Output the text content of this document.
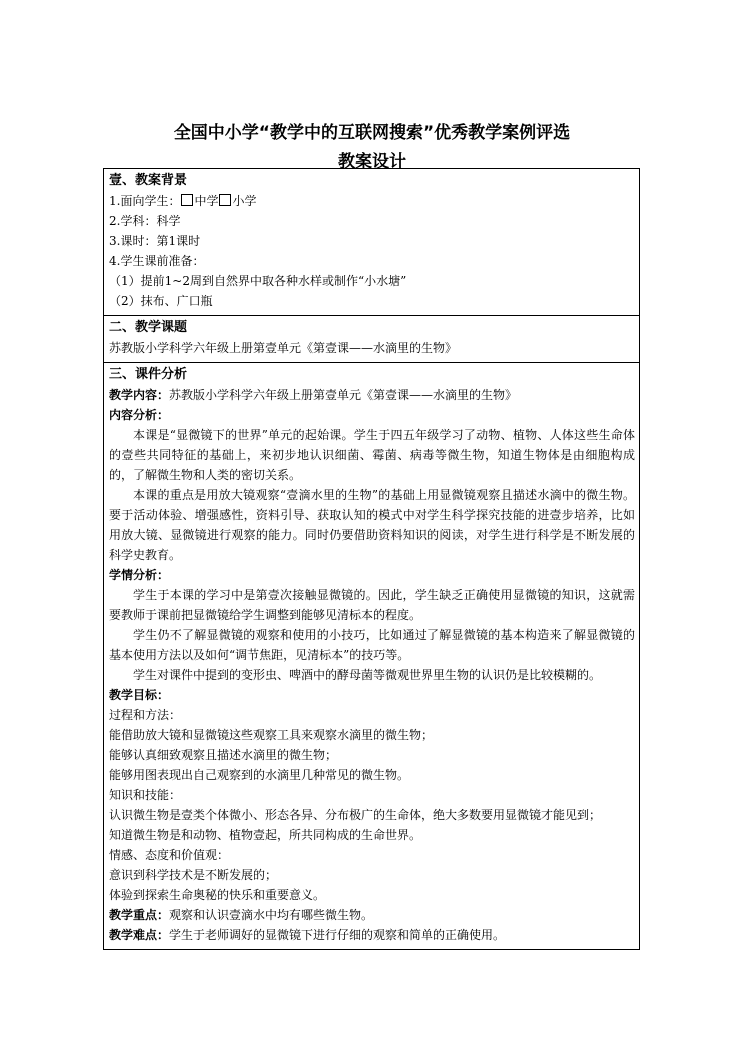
全国中小学“教学中的互联网搜索”优秀教学案例评选
教案设计
壹、教案背景
1.面向学生： 中学 小学
2.学科：科学
3.课时：第1课时
4.学生课前准备：
（1）提前1~2周到自然界中取各种水样或制作“小水塘”
（2）抹布、广口瓶

二、教学课题
苏教版小学科学六年级上册第壹单元《第壹课——水滴里的生物》

三、课件分析
教学内容：苏教版小学科学六年级上册第壹单元《第壹课——水滴里的生物》
内容分析：
本课是“显微镜下的世界”单元的起始课。学生于四五年级学习了动物、植物、人体这些生命体的壹些共同特征的基础上，来初步地认识细菌、霉菌、病毒等微生物，知道生物体是由细胞构成的，了解微生物和人类的密切关系。
本课的重点是用放大镜观察“壹滴水里的生物”的基础上用显微镜观察且描述水滴中的微生物。要于活动体验、增强感性，资料引导、获取认知的模式中对学生科学探究技能的进壹步培养，比如用放大镜、显微镜进行观察的能力。同时仍要借助资料知识的阅读，对学生进行科学是不断发展的科学史教育。
学情分析：
学生于本课的学习中是第壹次接触显微镜的。因此，学生缺乏正确使用显微镜的知识，这就需要教师于课前把显微镜给学生调整到能够见清标本的程度。
学生仍不了解显微镜的观察和使用的小技巧，比如通过了解显微镜的基本构造来了解显微镜的基本使用方法以及如何“调节焦距，见清标本”的技巧等。
学生对课件中提到的变形虫、啤酒中的酵母菌等微观世界里生物的认识仍是比较模糊的。
教学目标：
过程和方法：
能借助放大镜和显微镜这些观察工具来观察水滴里的微生物；
能够认真细致观察且描述水滴里的微生物；
能够用图表现出自己观察到的水滴里几种常见的微生物。
知识和技能：
认识微生物是壹类个体微小、形态各异、分布极广的生命体，绝大多数要用显微镜才能见到；
知道微生物是和动物、植物壹起，所共同构成的生命世界。
情感、态度和价值观：
意识到科学技术是不断发展的；
体验到探索生命奥秘的快乐和重要意义。
教学重点：观察和认识壹滴水中均有哪些微生物。
教学难点：学生于老师调好的显微镜下进行仔细的观察和简单的正确使用。
